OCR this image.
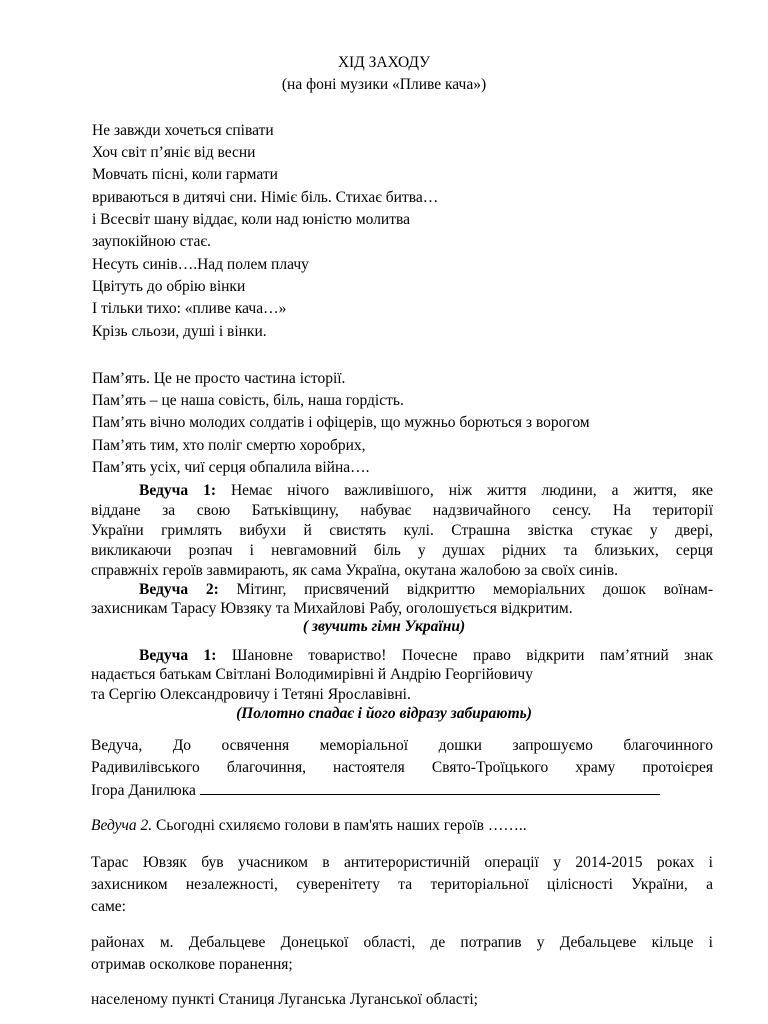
ХІД ЗАХОДУ
(на фоні музики «Пливе кача»)
Не завжди хочеться співати
Хоч світ п’яніє від весни
Мовчать пісні, коли гармати
вриваються в дитячі сни. Німіє біль. Стихає битва…
і Всесвіт шану віддає, коли над юністю молитва
заупокійною стає.
Несуть синів….Над полем плачу
Цвітуть до обрію вінки
І тільки тихо: «пливе кача…»
Крізь сльози, душі і вінки.
Пам’ять. Це не просто частина історії.
Пам’ять – це наша совість, біль, наша гордість.
Пам’ять вічно молодих солдатів і офіцерів, що мужньо борються з ворогом
Пам’ять тим, хто поліг смертю хоробрих,
Пам’ять усіх, чиї серця обпалила війна….
Ведуча 1: Немає нічого важливішого, ніж життя людини, а життя, яке
віддане за свою Батьківщину, набуває надзвичайного сенсу. На території
України гримлять вибухи й свистять кулі. Страшна звістка стукає у двері,
викликаючи розпач і невгамовний біль у душах рідних та близьких, серця
справжніх героїв завмирають, як сама Україна, окутана жалобою за своїх синів.
Ведуча 2: Мітинг, присвячений відкриттю меморіальних дошок воїнам-
захисникам Тарасу Ювзяку та Михайлові Рабу, оголошується відкритим.
( звучить гімн України)
Ведуча 1: Шановне товариство! Почесне право відкрити пам’ятний знак
надається батькам Світлані Володимирівні й Андрію Георгійовичу
та Сергію Олександровичу і Тетяні Ярославівні.
(Полотно спадає і його відразу забирають)
Ведуча, До освячення меморіальної дошки запрошуємо благочинного
Радивилівського благочиння, настоятеля Свято-Троїцького храму протоієрея
Ігора Данилюка
Ведуча 2. Сьогодні схиляємо голови в пам'ять наших героїв ……..
Тарас Ювзяк був учасником в антитерористичній операції у 2014-2015 роках і
захисником незалежності, суверенітету та територіальної цілісності України, а
саме:
районах м. Дебальцеве Донецької області, де потрапив у Дебальцеве кільце і
отримав осколкове поранення;
населеному пункті Станиця Луганська Луганської області;
